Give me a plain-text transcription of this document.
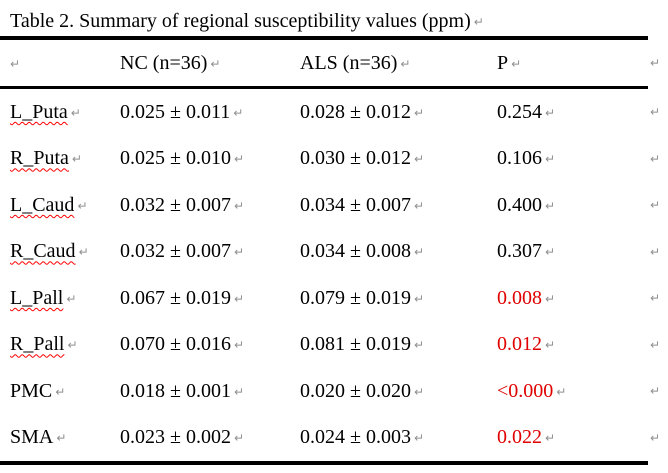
Table 2. Summary of regional susceptibility values (ppm) ↵
↵	NC (n=36) ↵	ALS (n=36) ↵	P ↵	↵
L_Puta ↵	0.025 ± 0.011 ↵	0.028 ± 0.012 ↵	0.254 ↵	↵
R_Puta ↵	0.025 ± 0.010 ↵	0.030 ± 0.012 ↵	0.106 ↵	↵
L_Caud ↵	0.032 ± 0.007 ↵	0.034 ± 0.007 ↵	0.400 ↵	↵
R_Caud ↵	0.032 ± 0.007 ↵	0.034 ± 0.008 ↵	0.307 ↵	↵
L_Pall ↵	0.067 ± 0.019 ↵	0.079 ± 0.019 ↵	0.008 ↵	↵
R_Pall ↵	0.070 ± 0.016 ↵	0.081 ± 0.019 ↵	0.012 ↵	↵
PMC ↵	0.018 ± 0.001 ↵	0.020 ± 0.020 ↵	<0.000 ↵	↵
SMA ↵	0.023 ± 0.002 ↵	0.024 ± 0.003 ↵	0.022 ↵	↵
